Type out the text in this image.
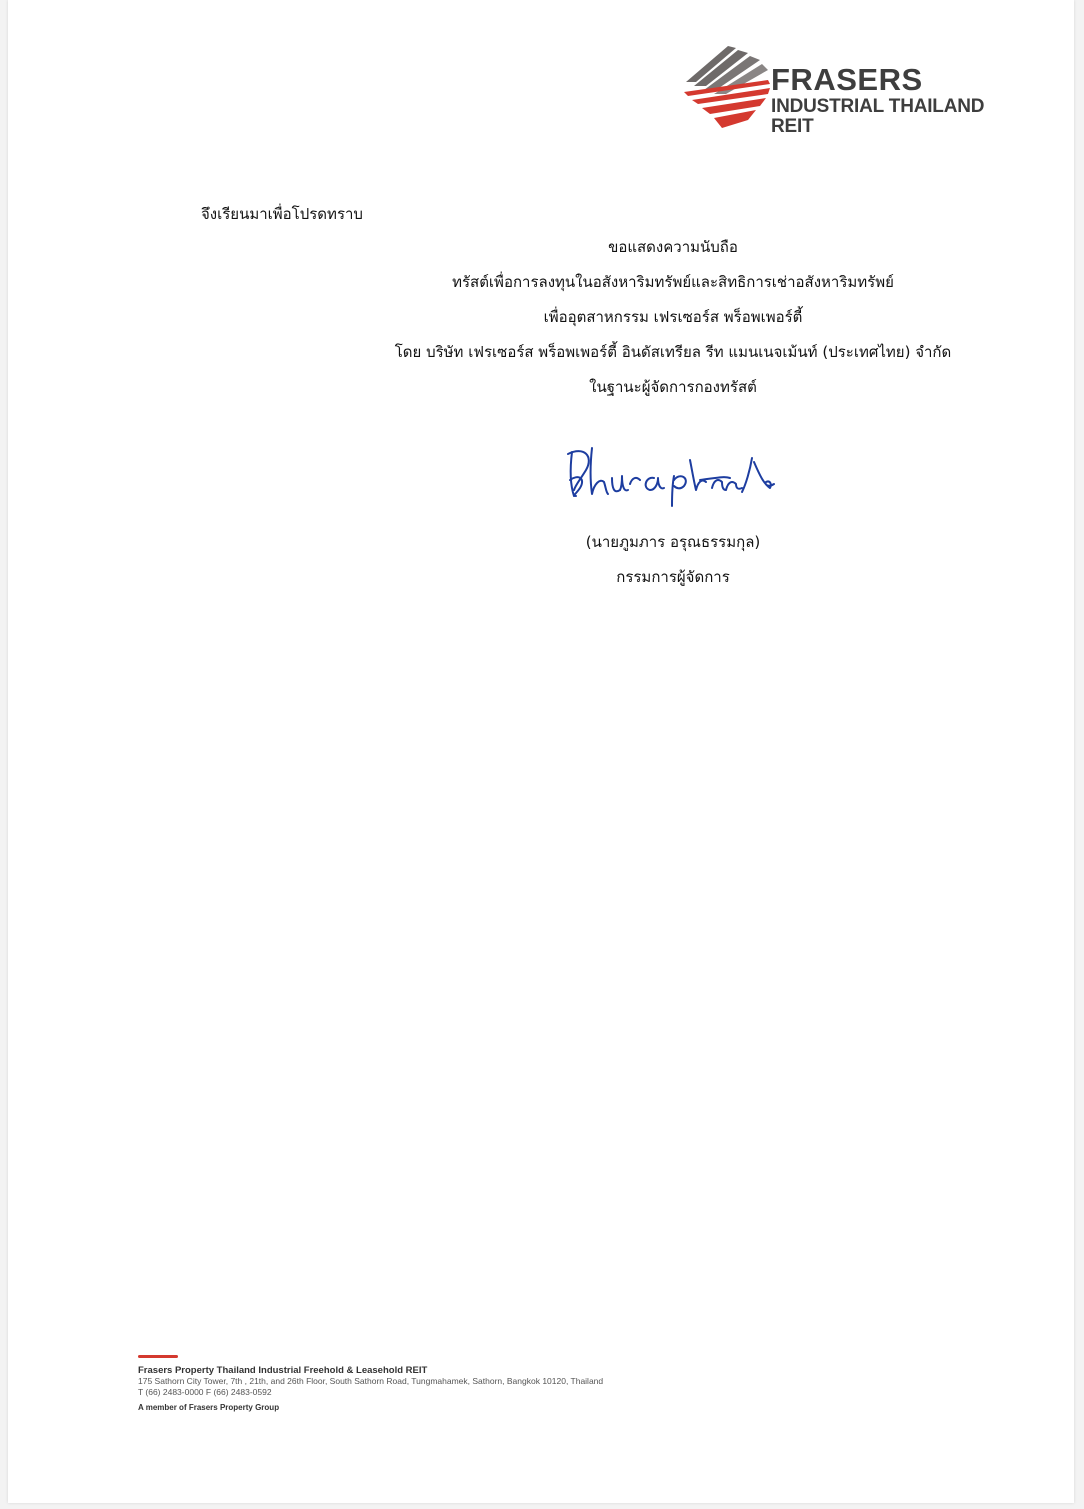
FRASERS
INDUSTRIAL THAILAND
REIT
จึงเรียนมาเพื่อโปรดทราบ
ขอแสดงความนับถือ
ทรัสต์เพื่อการลงทุนในอสังหาริมทรัพย์และสิทธิการเช่าอสังหาริมทรัพย์
เพื่ออุตสาหกรรม เฟรเซอร์ส พร็อพเพอร์ตี้
โดย บริษัท เฟรเซอร์ส พร็อพเพอร์ตี้ อินดัสเทรียล รีท แมนเนจเม้นท์ (ประเทศไทย) จำกัด
ในฐานะผู้จัดการกองทรัสต์
(นายภูมภาร อรุณธรรมกุล)
กรรมการผู้จัดการ
Frasers Property Thailand Industrial Freehold & Leasehold REIT
175 Sathorn City Tower, 7th , 21th, and 26th Floor, South Sathorn Road, Tungmahamek, Sathorn, Bangkok 10120, Thailand
T (66) 2483-0000 F (66) 2483-0592
A member of Frasers Property Group
